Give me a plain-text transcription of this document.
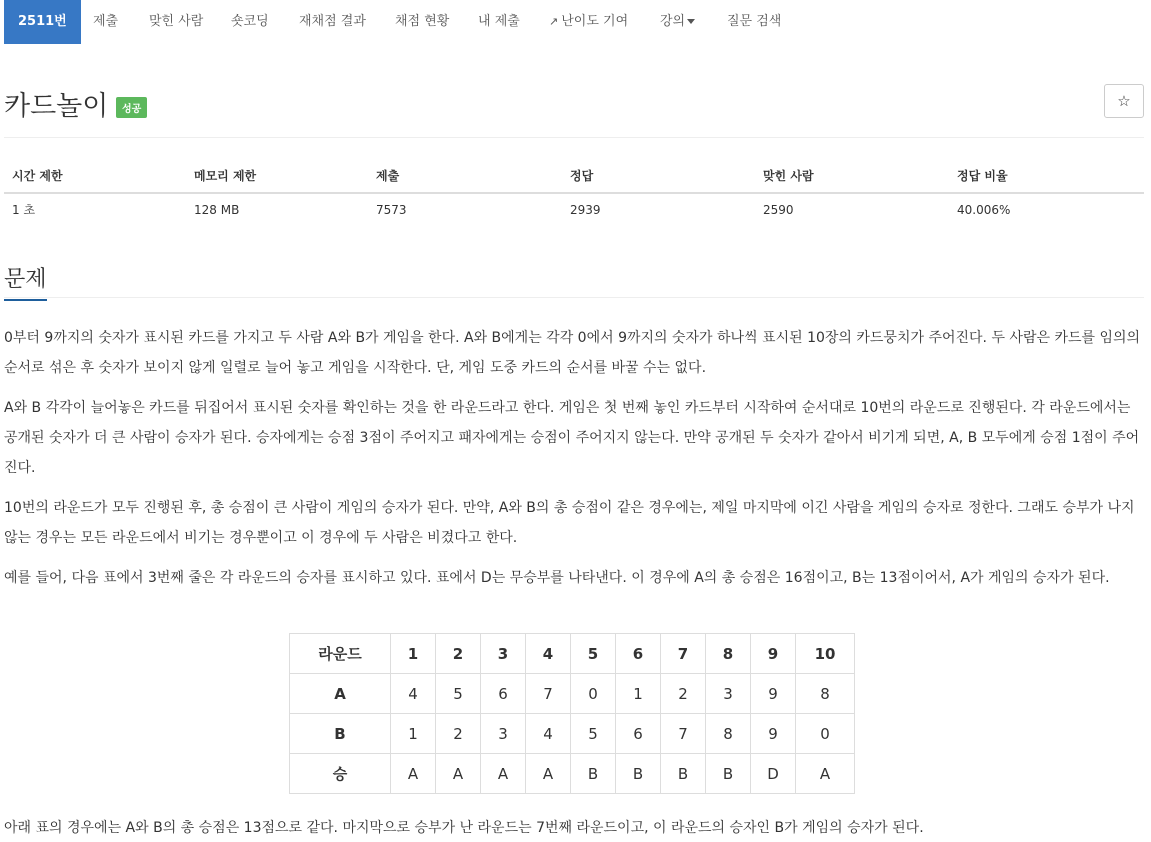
2511번	제출 맞힌 사람 숏코딩 재채점 결과 채점 현황 내 제출	↗ 난이도 기여 강의	질문 검색
카드놀이	성공	☆
시간 제한	메모리 제한	제출	정답	맞힌 사람	정답 비율
1 초	128 MB	7573	2939	2590	40.006%
문제

0부터 9까지의 숫자가 표시된 카드를 가지고 두 사람 A와 B가 게임을 한다. A와 B에게는 각각 0에서 9까지의 숫자가 하나씩 표시된 10장의 카드뭉치가 주어진다. 두 사람은 카드를 임의의 순서로 섞은 후 숫자가 보이지 않게 일렬로 늘어 놓고 게임을 시작한다. 단, 게임 도중 카드의 순서를 바꿀 수는 없다.

A와 B 각각이 늘어놓은 카드를 뒤집어서 표시된 숫자를 확인하는 것을 한 라운드라고 한다. 게임은 첫 번째 놓인 카드부터 시작하여 순서대로 10번의 라운드로 진행된다. 각 라운드에서는 공개된 숫자가 더 큰 사람이 승자가 된다. 승자에게는 승점 3점이 주어지고 패자에게는 승점이 주어지지 않는다. 만약 공개된 두 숫자가 같아서 비기게 되면, A, B 모두에게 승점 1점이 주어진다.

10번의 라운드가 모두 진행된 후, 총 승점이 큰 사람이 게임의 승자가 된다. 만약, A와 B의 총 승점이 같은 경우에는, 제일 마지막에 이긴 사람을 게임의 승자로 정한다. 그래도 승부가 나지 않는 경우는 모든 라운드에서 비기는 경우뿐이고 이 경우에 두 사람은 비겼다고 한다.

예를 들어, 다음 표에서 3번째 줄은 각 라운드의 승자를 표시하고 있다. 표에서 D는 무승부를 나타낸다. 이 경우에 A의 총 승점은 16점이고, B는 13점이어서, A가 게임의 승자가 된다.

라운드	1	2	3	4	5	6	7	8	9	10
A	4	5	6	7	0	1	2	3	9	8
B	1	2	3	4	5	6	7	8	9	0
승	A	A	A	A	B	B	B	B	D	A

아래 표의 경우에는 A와 B의 총 승점은 13점으로 같다. 마지막으로 승부가 난 라운드는 7번째 라운드이고, 이 라운드의 승자인 B가 게임의 승자가 된다.
